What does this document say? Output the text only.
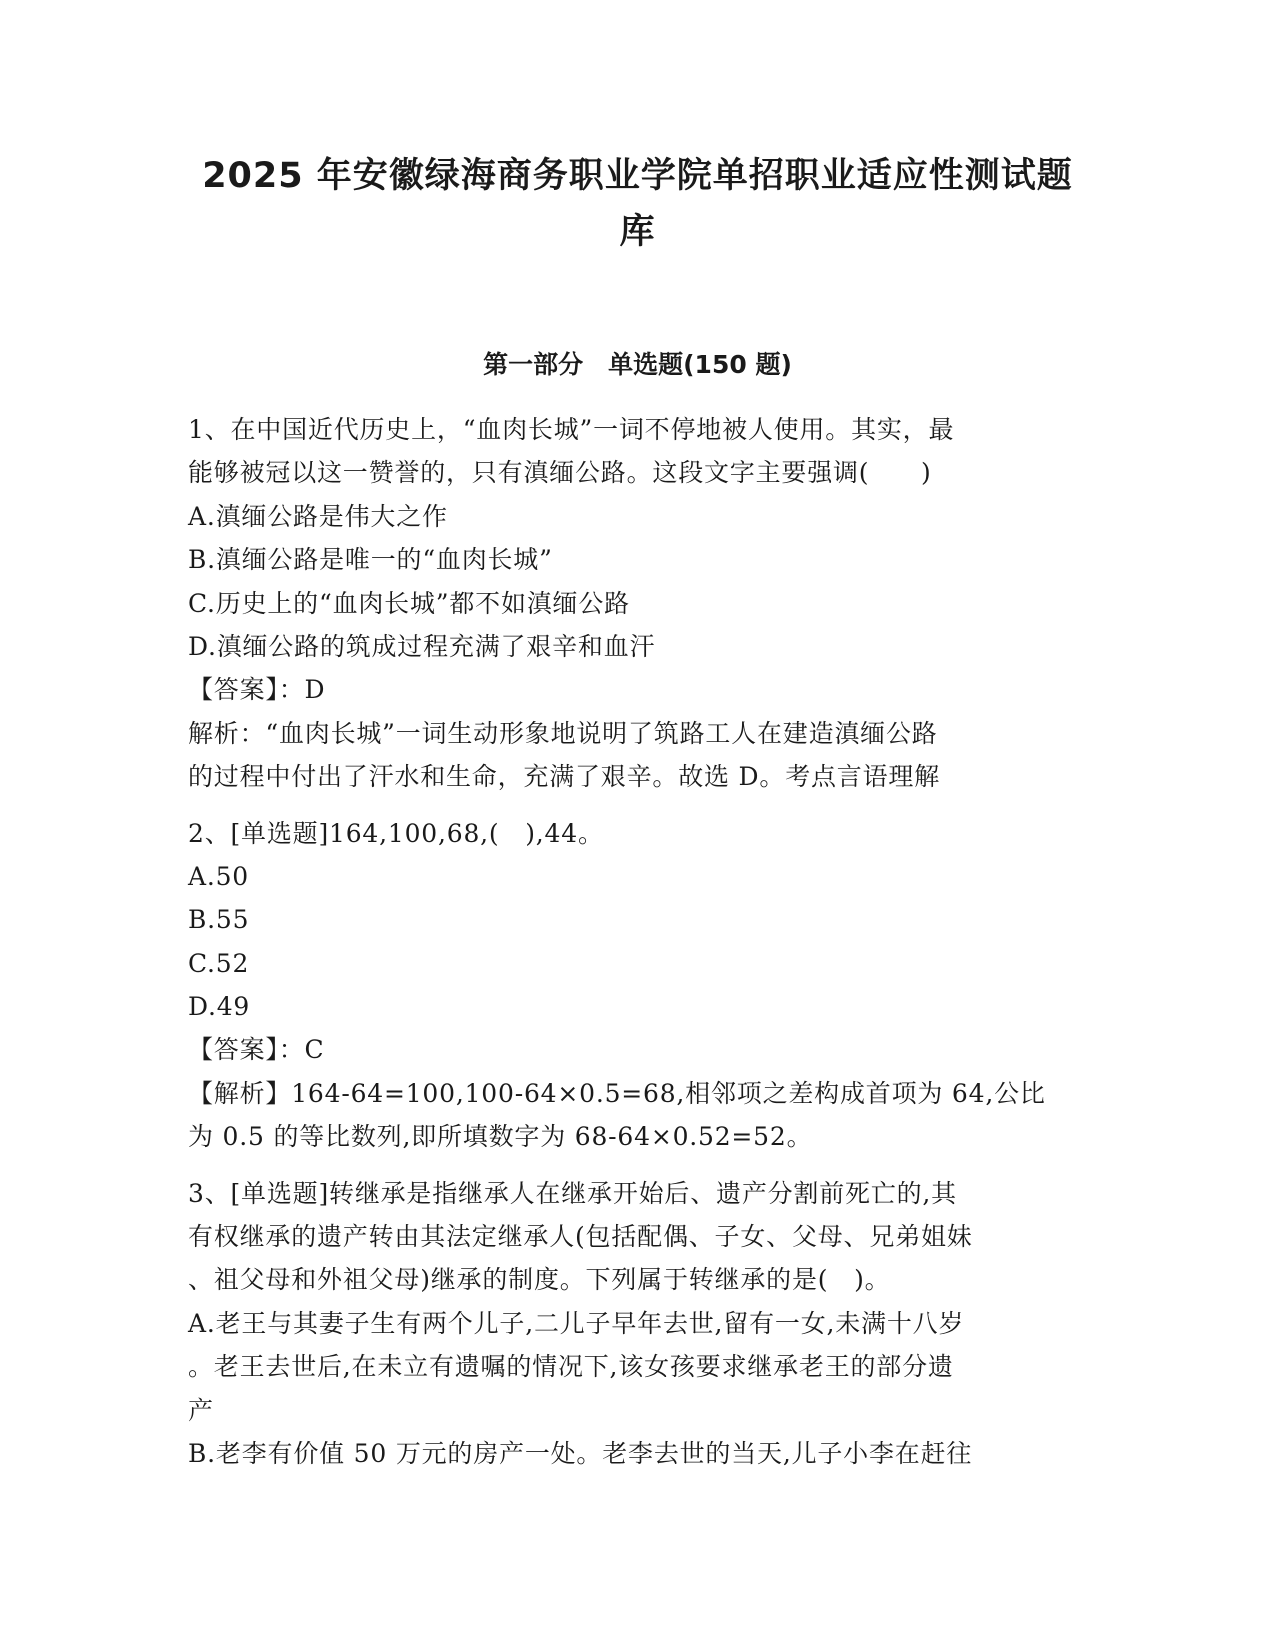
2025 年安徽绿海商务职业学院单招职业适应性测试题
库
第一部分　单选题(150 题)
1、在中国近代历史上，“血肉长城”一词不停地被人使用。其实，最
能够被冠以这一赞誉的，只有滇缅公路。这段文字主要强调(　　)
A.滇缅公路是伟大之作
B.滇缅公路是唯一的“血肉长城”
C.历史上的“血肉长城”都不如滇缅公路
D.滇缅公路的筑成过程充满了艰辛和血汗
【答案】：D
解析：“血肉长城”一词生动形象地说明了筑路工人在建造滇缅公路
的过程中付出了汗水和生命，充满了艰辛。故选 D。考点言语理解
2、[单选题]164,100,68,(　),44。
A.50
B.55
C.52
D.49
【答案】：C
【解析】164-64=100,100-64×0.5=68,相邻项之差构成首项为 64,公比
为 0.5 的等比数列,即所填数字为 68-64×0.52=52。
3、[单选题]转继承是指继承人在继承开始后、遗产分割前死亡的,其
有权继承的遗产转由其法定继承人(包括配偶、子女、父母、兄弟姐妹
、祖父母和外祖父母)继承的制度。下列属于转继承的是(　)。
A.老王与其妻子生有两个儿子,二儿子早年去世,留有一女,未满十八岁
。老王去世后,在未立有遗嘱的情况下,该女孩要求继承老王的部分遗
产
B.老李有价值 50 万元的房产一处。老李去世的当天,儿子小李在赶往
